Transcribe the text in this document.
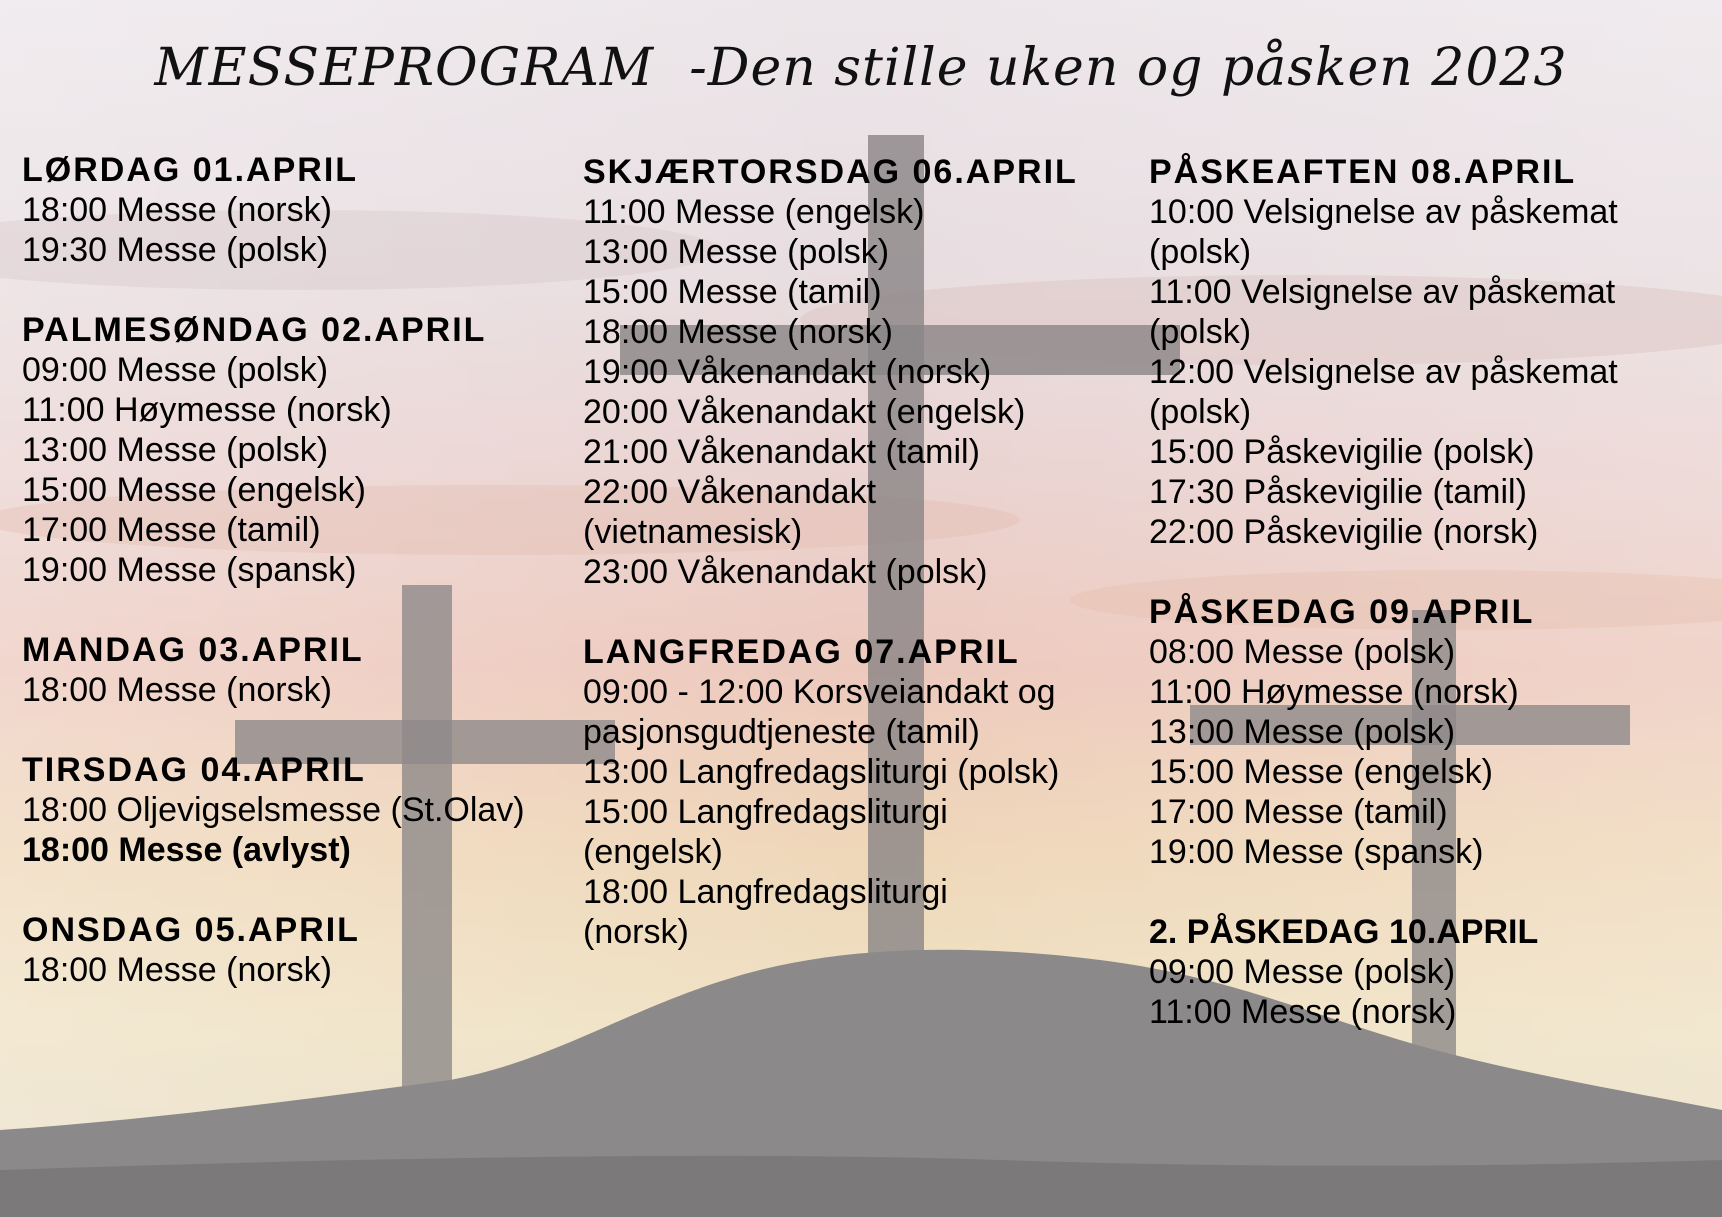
MESSEPROGRAM  -Den stille uken og påsken 2023
LØRDAG 01.APRIL
18:00 Messe (norsk)
19:30 Messe (polsk)
PALMESØNDAG 02.APRIL
09:00 Messe (polsk)
11:00 Høymesse (norsk)
13:00 Messe (polsk)
15:00 Messe (engelsk)
17:00 Messe (tamil)
19:00 Messe (spansk)
MANDAG 03.APRIL
18:00 Messe (norsk)
TIRSDAG 04.APRIL
18:00 Oljevigselsmesse (St.Olav)
18:00 Messe (avlyst)
ONSDAG 05.APRIL
18:00 Messe (norsk)
SKJÆRTORSDAG 06.APRIL
11:00 Messe (engelsk)
13:00 Messe (polsk)
15:00 Messe (tamil)
18:00 Messe (norsk)
19:00 Våkenandakt (norsk)
20:00 Våkenandakt (engelsk)
21:00 Våkenandakt (tamil)
22:00 Våkenandakt
(vietnamesisk)
23:00 Våkenandakt (polsk)
LANGFREDAG 07.APRIL
09:00 - 12:00 Korsveiandakt og
pasjonsgudtjeneste (tamil)
13:00 Langfredagsliturgi (polsk)
15:00 Langfredagsliturgi
(engelsk)
18:00 Langfredagsliturgi
(norsk)
PÅSKEAFTEN 08.APRIL
10:00 Velsignelse av påskemat
(polsk)
11:00 Velsignelse av påskemat
(polsk)
12:00 Velsignelse av påskemat
(polsk)
15:00 Påskevigilie (polsk)
17:30 Påskevigilie (tamil)
22:00 Påskevigilie (norsk)
PÅSKEDAG 09.APRIL
08:00 Messe (polsk)
11:00 Høymesse (norsk)
13:00 Messe (polsk)
15:00 Messe (engelsk)
17:00 Messe (tamil)
19:00 Messe (spansk)
2. PÅSKEDAG 10.APRIL
09:00 Messe (polsk)
11:00 Messe (norsk)
